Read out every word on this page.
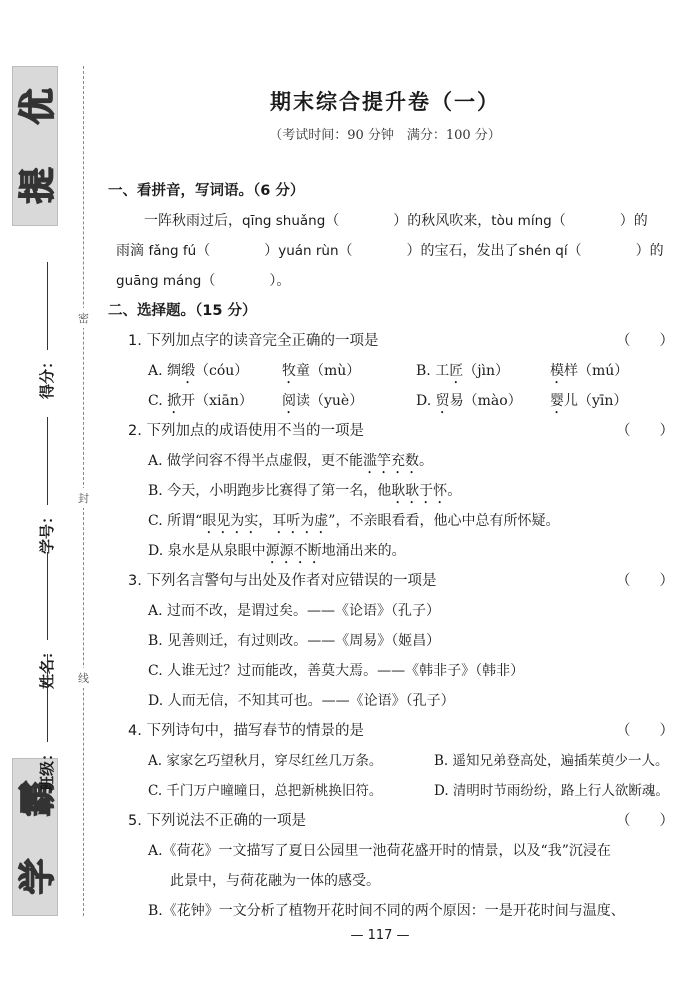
优
提
霸
学
密
封
线
得分：
学号：
姓名：
班级：
期末综合提升卷（一）
（考试时间：90 分钟　满分：100 分）
一、看拼音，写词语。（6 分）
一阵秋雨过后，qīng shuǎng（	）的秋风吹来，tòu míng（	）的
雨滴 fǎng fú（	）yuán rùn（	）的宝石，发出了shén qí（	）的
guāng máng（	）。
二、选择题。（15 分）
1. 下列加点字的读音完全正确的一项是	（　　）
A. 绸缎（cóu）	牧童（mù）	B. 工匠（jìn）	模样（mú）
C. 掀开（xiān）	阅读（yuè）	D. 贸易（mào）	婴儿（yīn）
2. 下列加点的成语使用不当的一项是	（　　）
A. 做学问容不得半点虚假，更不能滥竽充数。
B. 今天，小明跑步比赛得了第一名，他耿耿于怀。
C. 所谓“眼见为实，耳听为虚”，不亲眼看看，他心中总有所怀疑。
D. 泉水是从泉眼中源源不断地涌出来的。
3. 下列名言警句与出处及作者对应错误的一项是	（　　）
A. 过而不改，是谓过矣。——《论语》（孔子）
B. 见善则迁，有过则改。——《周易》（姬昌）
C. 人谁无过？过而能改，善莫大焉。——《韩非子》（韩非）
D. 人而无信，不知其可也。——《论语》（孔子）
4. 下列诗句中，描写春节的情景的是	（　　）
A. 家家乞巧望秋月，穿尽红丝几万条。	B. 遥知兄弟登高处，遍插茱萸少一人。
C. 千门万户曈曈日，总把新桃换旧符。	D. 清明时节雨纷纷，路上行人欲断魂。
5. 下列说法不正确的一项是	（　　）
A.《荷花》一文描写了夏日公园里一池荷花盛开时的情景，以及“我”沉浸在
此景中，与荷花融为一体的感受。
B.《花钟》一文分析了植物开花时间不同的两个原因：一是开花时间与温度、
— 117 —
